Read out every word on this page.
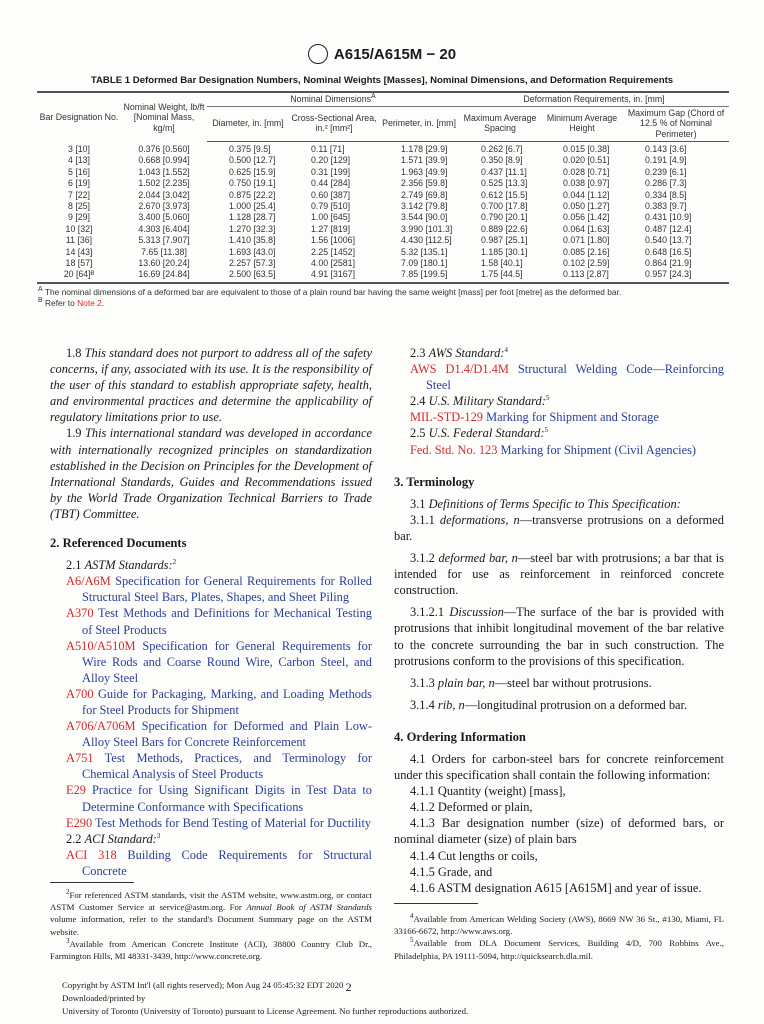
A615/A615M − 20
TABLE 1 Deformed Bar Designation Numbers, Nominal Weights [Masses], Nominal Dimensions, and Deformation Requirements
Bar Designation No.	Nominal Weight, lb/ft [Nominal Mass, kg/m]	Nominal Dimensions$^A$			Deformation Requirements, in. [mm]		
		Diameter, in. [mm]	Cross-Sectional Area, in.² [mm²]	Perimeter, in. [mm]	Maximum Average Spacing	Minimum Average Height	Maximum Gap (Chord of 12.5 % of Nominal Perimeter)
3 [10]	0.376 [0.560]	0.375 [9.5]	0.11 [71]	1.178 [29.9]	0.262 [6.7]	0.015 [0.38]	0.143 [3.6]
4 [13]	0.668 [0.994]	0.500 [12.7]	0.20 [129]	1.571 [39.9]	0.350 [8.9]	0.020 [0.51]	0.191 [4.9]
5 [16]	1.043 [1.552]	0.625 [15.9]	0.31 [199]	1.963 [49.9]	0.437 [11.1]	0.028 [0.71]	0.239 [6.1]
6 [19]	1.502 [2.235]	0.750 [19.1]	0.44 [284]	2.356 [59.8]	0.525 [13.3]	0.038 [0.97]	0.286 [7.3]
7 [22]	2.044 [3.042]	0.875 [22.2]	0.60 [387]	2.749 [69.8]	0.612 [15.5]	0.044 [1.12]	0.334 [8.5]
8 [25]	2.670 [3.973]	1.000 [25.4]	0.79 [510]	3.142 [79.8]	0.700 [17.8]	0.050 [1.27]	0.383 [9.7]
9 [29]	3.400 [5.060]	1.128 [28.7]	1.00 [645]	3.544 [90.0]	0.790 [20.1]	0.056 [1.42]	0.431 [10.9]
10 [32]	4.303 [6.404]	1.270 [32.3]	1.27 [819]	3.990 [101.3]	0.889 [22.6]	0.064 [1.63]	0.487 [12.4]
11 [36]	5.313 [7.907]	1.410 [35.8]	1.56 [1006]	4.430 [112.5]	0.987 [25.1]	0.071 [1.80]	0.540 [13.7]
14 [43]	7.65 [11.38]	1.693 [43.0]	2.25 [1452]	5.32 [135.1]	1.185 [30.1]	0.085 [2.16]	0.648 [16.5]
18 [57]	13.60 [20.24]	2.257 [57.3]	4.00 [2581]	7.09 [180.1]	1.58 [40.1]	0.102 [2.59]	0.864 [21.9]
20 [64]ᴮ	16.69 [24.84]	2.500 [63.5]	4.91 [3167]	7.85 [199.5]	1.75 [44.5]	0.113 [2.87]	0.957 [24.3]
$^A$ The nominal dimensions of a deformed bar are equivalent to those of a plain round bar having the same weight [mass] per foot [metre] as the deformed bar.
$^B$ Refer to Note 2.

1.8 This standard does not purport to address all of the safety concerns, if any, associated with its use. It is the responsibility of the user of this standard to establish appropriate safety, health, and environmental practices and determine the applicability of regulatory limitations prior to use.

1.9 This international standard was developed in accordance with internationally recognized principles on standardization established in the Decision on Principles for the Development of International Standards, Guides and Recommendations issued by the World Trade Organization Technical Barriers to Trade (TBT) Committee.

2. Referenced Documents

2.1 ASTM Standards:$^2$

A6/A6M Specification for General Requirements for Rolled Structural Steel Bars, Plates, Shapes, and Sheet Piling

A370 Test Methods and Definitions for Mechanical Testing of Steel Products

A510/A510M Specification for General Requirements for Wire Rods and Coarse Round Wire, Carbon Steel, and Alloy Steel

A700 Guide for Packaging, Marking, and Loading Methods for Steel Products for Shipment

A706/A706M Specification for Deformed and Plain Low-Alloy Steel Bars for Concrete Reinforcement

A751 Test Methods, Practices, and Terminology for Chemical Analysis of Steel Products

E29 Practice for Using Significant Digits in Test Data to Determine Conformance with Specifications

E290 Test Methods for Bend Testing of Material for Ductility

2.2 ACI Standard:$^3$

ACI 318 Building Code Requirements for Structural Concrete

2.3 AWS Standard:$^4$

AWS D1.4/D1.4M Structural Welding Code—Reinforcing Steel

2.4 U.S. Military Standard:$^5$

MIL-STD-129 Marking for Shipment and Storage

2.5 U.S. Federal Standard:$^5$

Fed. Std. No. 123 Marking for Shipment (Civil Agencies)

3. Terminology

3.1 Definitions of Terms Specific to This Specification:

3.1.1 deformations, n—transverse protrusions on a deformed bar.

3.1.2 deformed bar, n—steel bar with protrusions; a bar that is intended for use as reinforcement in reinforced concrete construction.

3.1.2.1 Discussion—The surface of the bar is provided with protrusions that inhibit longitudinal movement of the bar relative to the concrete surrounding the bar in such construction. The protrusions conform to the provisions of this specification.

3.1.3 plain bar, n—steel bar without protrusions.

3.1.4 rib, n—longitudinal protrusion on a deformed bar.

4. Ordering Information

4.1 Orders for carbon-steel bars for concrete reinforcement under this specification shall contain the following information:

4.1.1 Quantity (weight) [mass],

4.1.2 Deformed or plain,

4.1.3 Bar designation number (size) of deformed bars, or nominal diameter (size) of plain bars

4.1.4 Cut lengths or coils,

4.1.5 Grade, and

4.1.6 ASTM designation A615 [A615M] and year of issue.

$^2$For referenced ASTM standards, visit the ASTM website, www.astm.org, or contact ASTM Customer Service at service@astm.org. For Annual Book of ASTM Standards volume information, refer to the standard's Document Summary page on the ASTM website.

$^3$Available from American Concrete Institute (ACI), 38800 Country Club Dr., Farmington Hills, MI 48331-3439, http://www.concrete.org.

$^4$Available from American Welding Society (AWS), 8669 NW 36 St., #130, Miami, FL 33166-6672, http://www.aws.org.

$^5$Available from DLA Document Services, Building 4/D, 700 Robbins Ave., Philadelphia, PA 19111-5094, http://quicksearch.dla.mil.

Copyright by ASTM Int'l (all rights reserved); Mon Aug 24 05:45:32 EDT 2020 2
Downloaded/printed by
University of Toronto (University of Toronto) pursuant to License Agreement. No further reproductions authorized.
